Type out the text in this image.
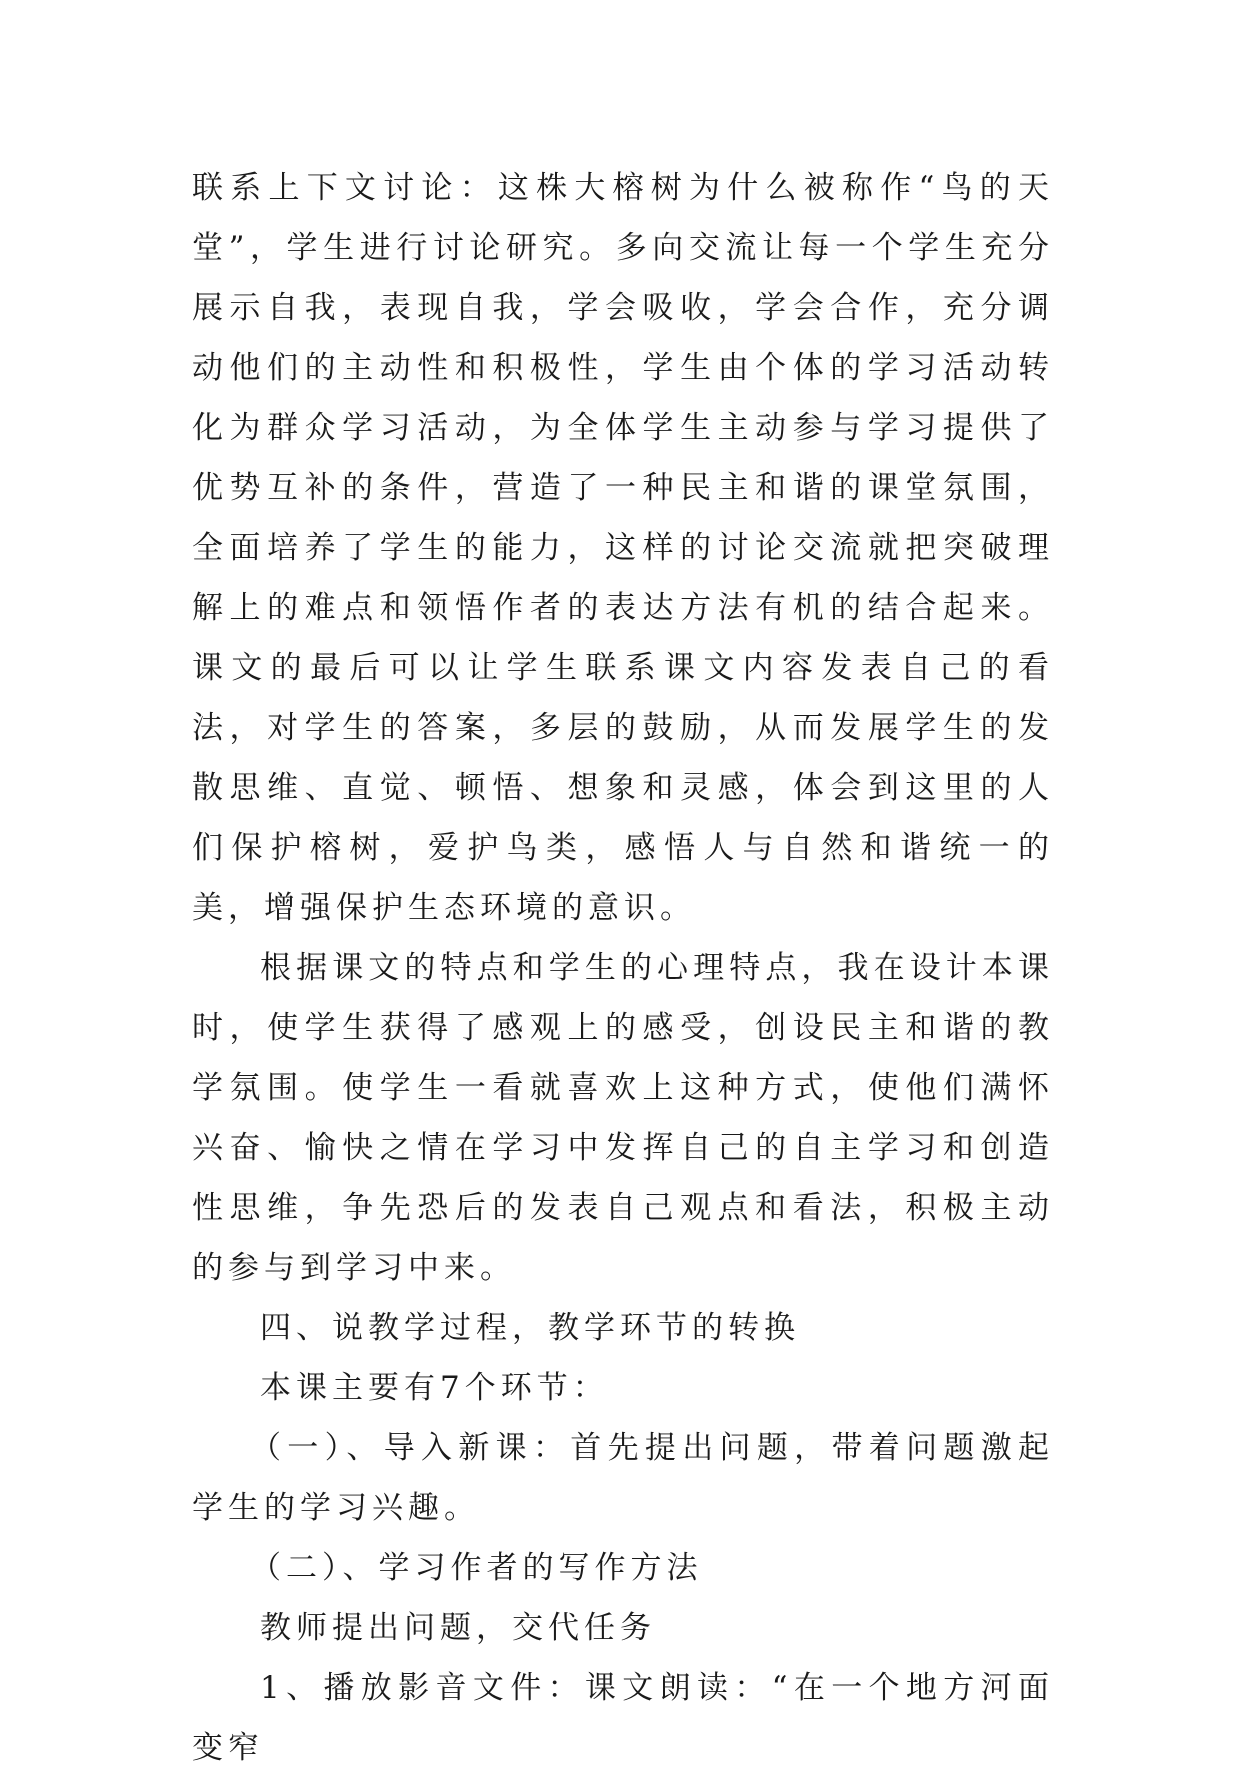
联系上下文讨论：这株大榕树为什么被称作“鸟的天堂”，学生进行讨论研究。多向交流让每一个学生充分展示自我，表现自我，学会吸收，学会合作，充分调动他们的主动性和积极性，学生由个体的学习活动转化为群众学习活动，为全体学生主动参与学习提供了优势互补的条件，营造了一种民主和谐的课堂氛围，全面培养了学生的能力，这样的讨论交流就把突破理解上的难点和领悟作者的表达方法有机的结合起来。课文的最后可以让学生联系课文内容发表自己的看法，对学生的答案，多层的鼓励，从而发展学生的发散思维、直觉、顿悟、想象和灵感，体会到这里的人们保护榕树，爱护鸟类，感悟人与自然和谐统一的美，增强保护生态环境的意识。

根据课文的特点和学生的心理特点，我在设计本课时，使学生获得了感观上的感受，创设民主和谐的教学氛围。使学生一看就喜欢上这种方式，使他们满怀兴奋、愉快之情在学习中发挥自己的自主学习和创造性思维，争先恐后的发表自己观点和看法，积极主动的参与到学习中来。

四、说教学过程，教学环节的转换

本课主要有7个环节：

（一）、导入新课：首先提出问题，带着问题激起学生的学习兴趣。

（二）、学习作者的写作方法

教师提出问题，交代任务

1、播放影音文件：课文朗读：“在一个地方河面变窄
